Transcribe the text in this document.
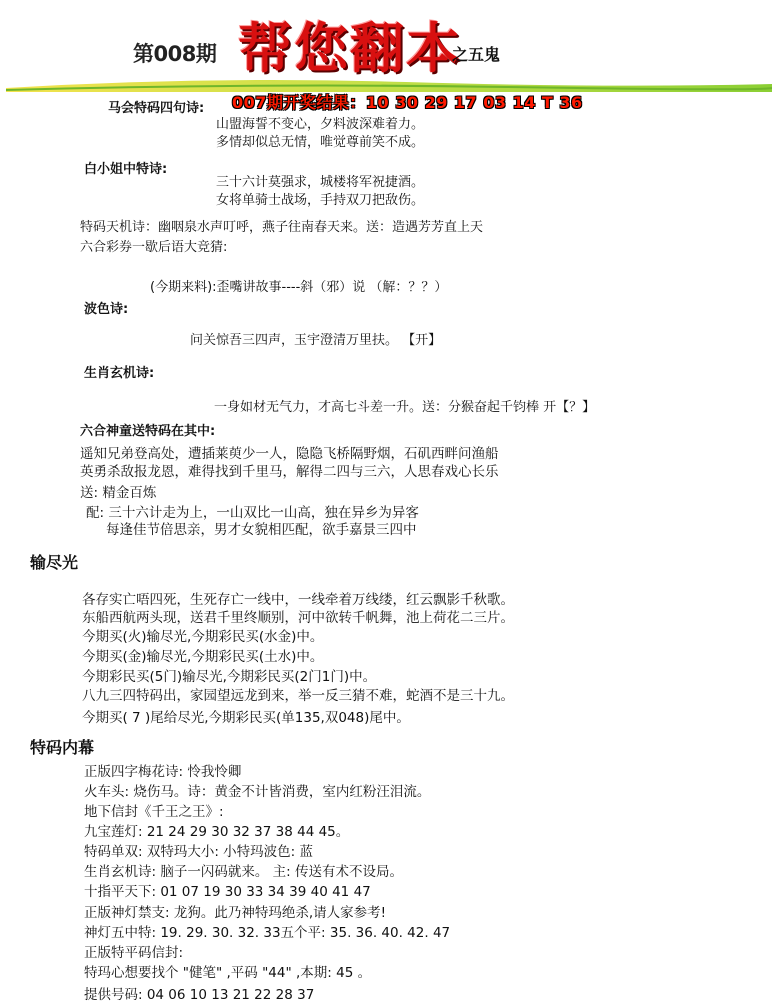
第008期 帮您翻本
之五鬼
007期开奖结果：10 30 29 17 03 14 T 36
马会特码四句诗:
山盟海誓不变心，夕料波深难着力。
多情却似总无情，唯觉尊前笑不成。
白小姐中特诗:
三十六计莫强求，城楼将军祝捷酒。
女将单骑士战场，手持双刀把敌伤。
特码天机诗：幽咽泉水声叮呼，燕子往南春天来。送：造遇芳芳直上天
六合彩券一歇后语大竞猜:
(今期来料):歪嘴讲故事----斜（邪）说 （解：？？）
波色诗:
问关惊吾三四声，玉宇澄清万里扶。 【开】
生肖玄机诗:
一身如材无气力，才高七斗差一升。送：分猴奋起千钧棒 开【？】
六合神童送特码在其中:
遥知兄弟登高处，遭插莱萸少一人，隐隐飞桥隔野烟，石矶西畔问渔船
英勇杀敌报龙恩，难得找到千里马，解得二四与三六，人思春戏心长乐
送: 精金百炼
配: 三十六计走为上，一山双比一山高，独在异乡为异客
每逢佳节倍思亲，男才女貌相匹配，欲手嘉景三四中
输尽光
各存实亡唔四死，生死存亡一线中，一线牵着万线缕，红云飘影千秋歌。
东船西航两头现，送君千里终顺别，河中欲转千帆舞，池上荷花二三片。
今期买(火)输尽光,今期彩民买(水金)中。
今期买(金)输尽光,今期彩民买(土水)中。
今期彩民买(5门)输尽光,今期彩民买(2门1门)中。
八九三四特码出，家园望远龙到来，举一反三猜不难，蛇酒不是三十九。
今期买( 7 )尾给尽光,今期彩民买(单135,双048)尾中。
特码内幕
正版四字梅花诗: 怜我怜卿
火车头: 烧伤马。诗：黄金不计皆消费，室内红粉汪泪流。
地下信封《千王之王》:
九宝莲灯: 21 24 29 30 32 37 38 44 45。
特码单双: 双特玛大小: 小特玛波色: 蓝
生肖玄机诗: 脑子一闪码就来。 主: 传送有术不设局。
十指平天下: 01 07 19 30 33 34 39 40 41 47
正版神灯禁支: 龙狗。此乃神特玛绝杀,请人家参考!
神灯五中特: 19. 29. 30. 32. 33五个平: 35. 36. 40. 42. 47
正版特平码信封:
特玛心想要找个 "健笔" ,平码 "44" ,本期: 45 。
提供号码: 04 06 10 13 21 22 28 37
